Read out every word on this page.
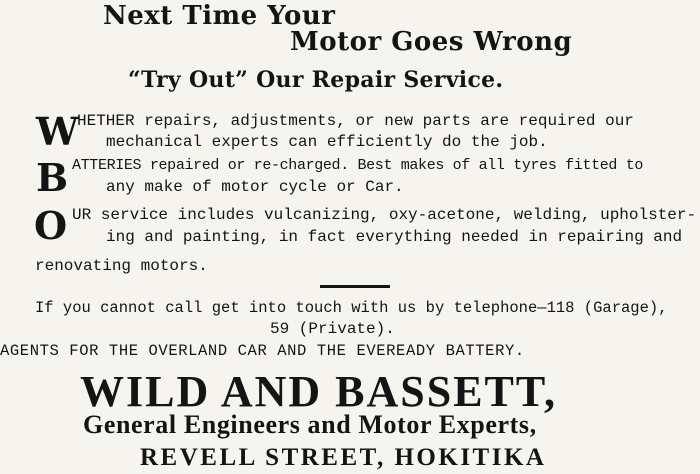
Next Time Your
Motor Goes Wrong
“Try Out” Our Repair Service.
W
HETHER repairs, adjustments, or new parts are required our
mechanical experts can efficiently do the job.
B ATTERIES repaired or re-charged. Best makes of all tyres fitted to
any make of motor cycle or Car.
O UR service includes vulcanizing, oxy-acetone, welding, upholster-
ing and painting, in fact everything needed in repairing and
renovating motors.
If you cannot call get into touch with us by telephone—118 (Garage),
59 (Private).
AGENTS FOR THE OVERLAND CAR AND THE EVEREADY BATTERY.
WILD AND BASSETT,
General Engineers and Motor Experts,
REVELL STREET, HOKITIKA
